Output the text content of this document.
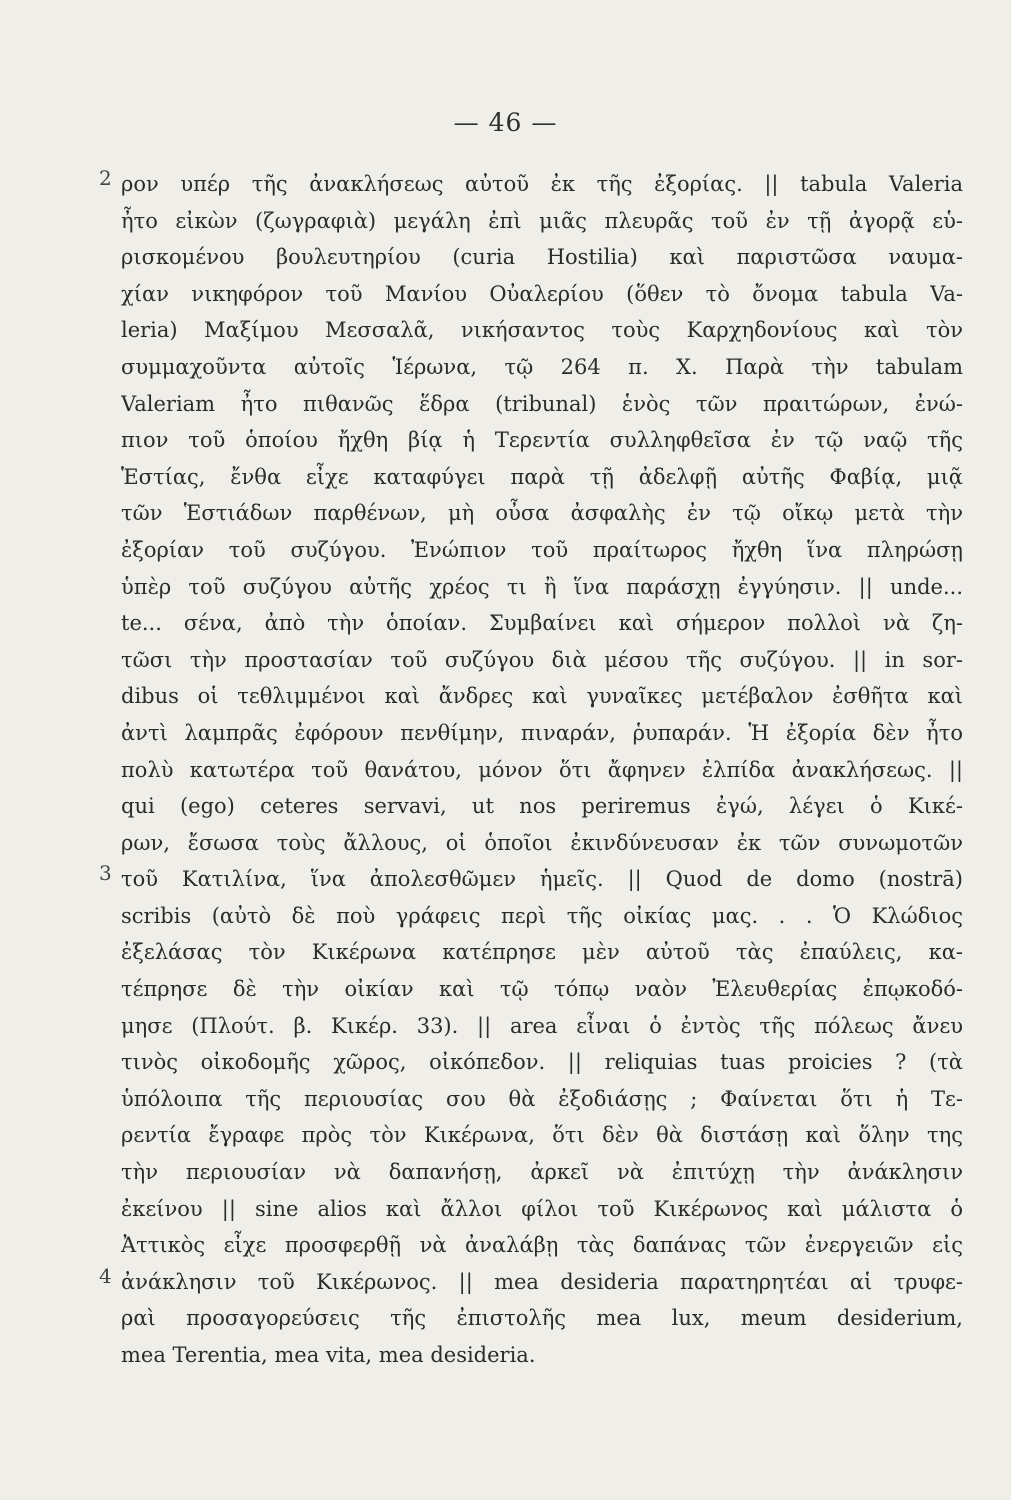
— 46 —
2 ρον υπέρ τῆς ἀνακλήσεως αὐτοῦ ἐκ τῆς ἐξορίας. || tabula Valeria
ἦτο εἰκὼν (ζωγραφιὰ) μεγάλη ἐπὶ μιᾶς πλευρᾶς τοῦ ἐν τῇ ἀγορᾷ εὑ-
ρισκομένου βουλευτηρίου (curia Hostilia) καὶ παριστῶσα ναυμα-
χίαν νικηφόρον τοῦ Μανίου Οὐαλερίου (ὅθεν τὸ ὄνομα tabula Va-
leria) Μαξίμου Μεσσαλᾶ, νικήσαντος τοὺς Καρχηδονίους καὶ τὸν
συμμαχοῦντα αὐτοῖς Ἱέρωνα, τῷ 264 π. Χ. Παρὰ τὴν tabulam
Valeriam ἦτο πιθανῶς ἕδρα (tribunal) ἑνὸς τῶν πραιτώρων, ἐνώ-
πιον τοῦ ὁποίου ἤχθη βίᾳ ἡ Τερεντία συλληφθεῖσα ἐν τῷ ναῷ τῆς
Ἑστίας, ἔνθα εἶχε καταφύγει παρὰ τῇ ἀδελφῇ αὐτῆς Φαβίᾳ, μιᾷ
τῶν Ἑστιάδων παρθένων, μὴ οὖσα ἀσφαλὴς ἐν τῷ οἴκῳ μετὰ τὴν
ἐξορίαν τοῦ συζύγου. Ἐνώπιον τοῦ πραίτωρος ἤχθη ἵνα πληρώσῃ
ὑπὲρ τοῦ συζύγου αὐτῆς χρέος τι ἢ ἵνα παράσχῃ ἐγγύησιν. || unde...
te... σένα, ἀπὸ τὴν ὁποίαν. Συμβαίνει καὶ σήμερον πολλοὶ νὰ ζη-
τῶσι τὴν προστασίαν τοῦ συζύγου διὰ μέσου τῆς συζύγου. || in sor-
dibus οἱ τεθλιμμένοι καὶ ἄνδρες καὶ γυναῖκες μετέβαλον ἐσθῆτα καὶ
ἀντὶ λαμπρᾶς ἐφόρουν πενθίμην, πιναράν, ῥυπαράν. Ἡ ἐξορία δὲν ἦτο
πολὺ κατωτέρα τοῦ θανάτου, μόνον ὅτι ἄφηνεν ἐλπίδα ἀνακλήσεως. ||
qui (ego) ceteres servavi, ut nos periremus ἐγώ, λέγει ὁ Κικέ-
ρων, ἔσωσα τοὺς ἄλλους, οἱ ὁποῖοι ἐκινδύνευσαν ἐκ τῶν συνωμοτῶν
3 τοῦ Κατιλίνα, ἵνα ἀπολεσθῶμεν ἡμεῖς. || Quod de domo (nostrā)
scribis (αὐτὸ δὲ ποὺ γράφεις περὶ τῆς οἰκίας μας. . . Ὁ Κλώδιος
ἐξελάσας τὸν Κικέρωνα κατέπρησε μὲν αὐτοῦ τὰς ἐπαύλεις, κα-
τέπρησε δὲ τὴν οἰκίαν καὶ τῷ τόπῳ ναὸν Ἐλευθερίας ἐπῳκοδό-
μησε (Πλούτ. β. Κικέρ. 33). || area εἶναι ὁ ἐντὸς τῆς πόλεως ἄνευ
τινὸς οἰκοδομῆς χῶρος, οἰκόπεδον. || reliquias tuas proicies ? (τὰ
ὑπόλοιπα τῆς περιουσίας σου θὰ ἐξοδιάσῃς ; Φαίνεται ὅτι ἡ Τε-
ρεντία ἔγραφε πρὸς τὸν Κικέρωνα, ὅτι δὲν θὰ διστάσῃ καὶ ὅλην της
τὴν περιουσίαν νὰ δαπανήσῃ, ἀρκεῖ νὰ ἐπιτύχῃ τὴν ἀνάκλησιν
ἐκείνου || sine alios καὶ ἄλλοι φίλοι τοῦ Κικέρωνος καὶ μάλιστα ὁ
Ἀττικὸς εἶχε προσφερθῇ νὰ ἀναλάβῃ τὰς δαπάνας τῶν ἐνεργειῶν εἰς
4 ἀνάκλησιν τοῦ Κικέρωνος. || mea desideria παρατηρητέαι αἱ τρυφε-
ραὶ προσαγορεύσεις τῆς ἐπιστολῆς mea lux, meum desiderium,
mea Terentia, mea vita, mea desideria.
